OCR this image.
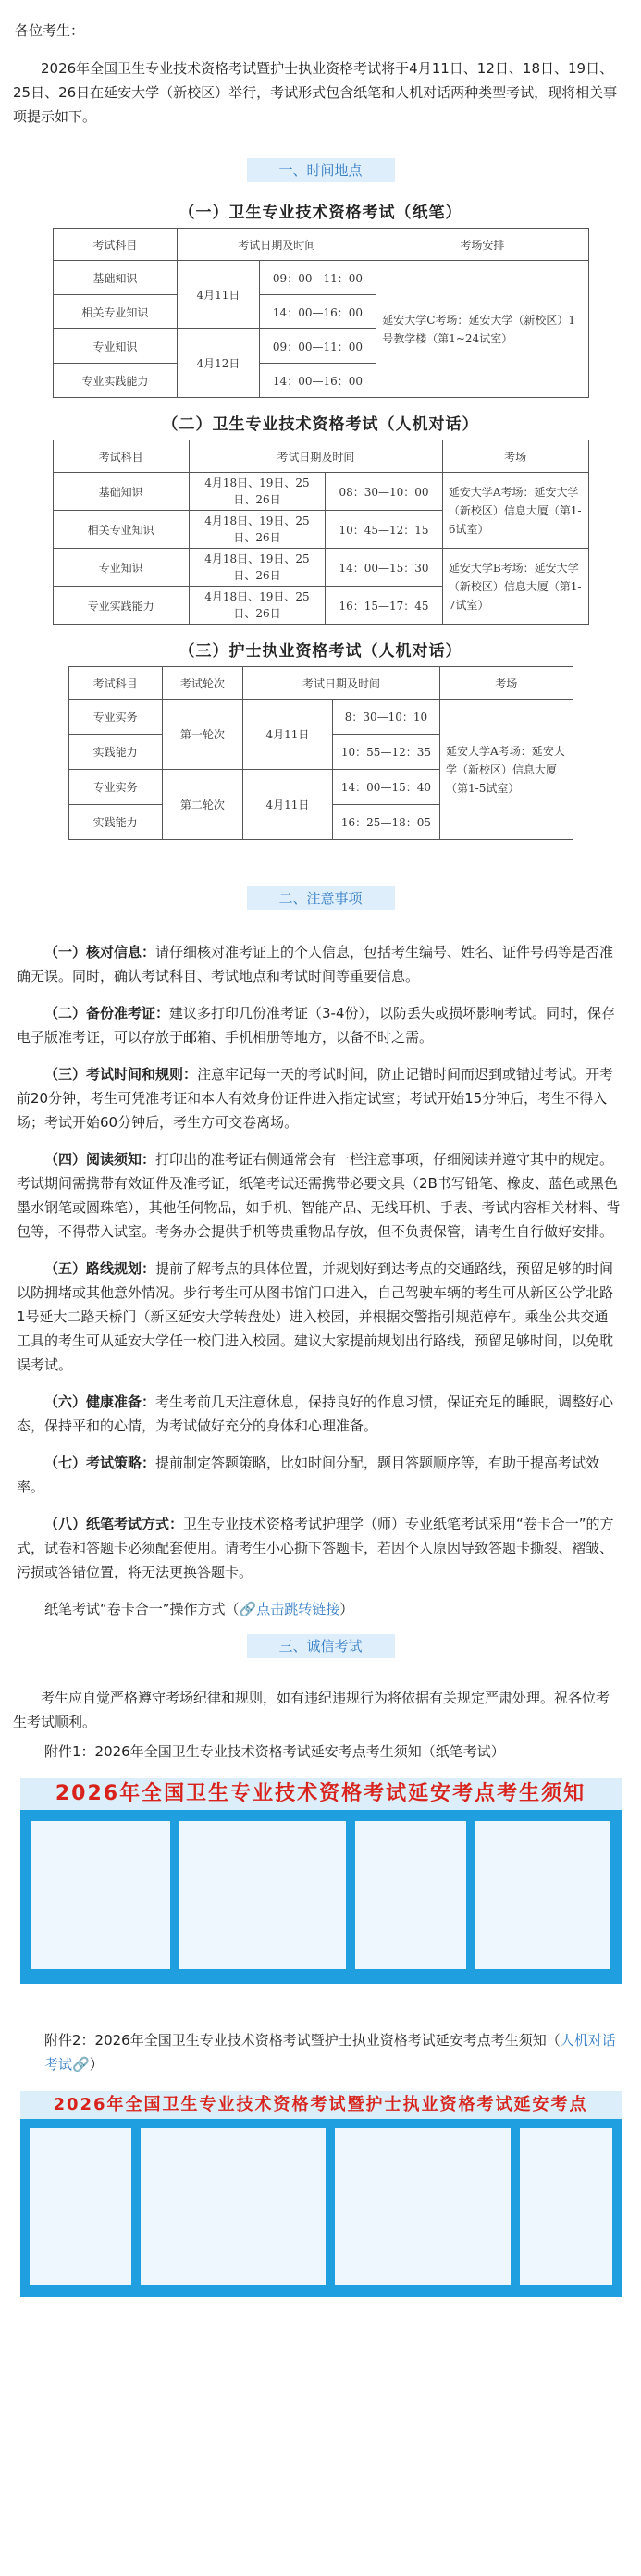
各位考生：

2026年全国卫生专业技术资格考试暨护士执业资格考试将于4月11日、12日、18日、19日、25日、26日在延安大学（新校区）举行，考试形式包含纸笔和人机对话两种类型考试，现将相关事项提示如下。

一、时间地点
（一）卫生专业技术资格考试（纸笔）
考试科目	考试日期及时间		考场安排
基础知识	4月11日	09：00—11：00	延安大学C考场：延安大学（新校区）1号教学楼（第1~24试室）
相关专业知识		14：00—16：00	
专业知识	4月12日	09：00—11：00	
专业实践能力		14：00—16：00	
（二）卫生专业技术资格考试（人机对话）
考试科目	考试日期及时间		考场
基础知识	4月18日、19日、25日、26日	08：30—10：00	延安大学A考场：延安大学（新校区）信息大厦（第1-6试室）
相关专业知识	4月18日、19日、25日、26日	10：45—12：15	
专业知识	4月18日、19日、25日、26日	14：00—15：30	延安大学B考场：延安大学（新校区）信息大厦（第1-7试室）
专业实践能力	4月18日、19日、25日、26日	16：15—17：45	
（三）护士执业资格考试（人机对话）
考试科目	考试轮次	考试日期及时间		考场
专业实务	第一轮次	4月11日	8：30—10：10	延安大学A考场：延安大学（新校区）信息大厦（第1-5试室）
实践能力			10：55—12：35	
专业实务	第二轮次	4月11日	14：00—15：40	
实践能力			16：25—18：05	
二、注意事项

（一）核对信息：请仔细核对准考证上的个人信息，包括考生编号、姓名、证件号码等是否准确无误。同时，确认考试科目、考试地点和考试时间等重要信息。

（二）备份准考证：建议多打印几份准考证（3-4份），以防丢失或损坏影响考试。同时，保存电子版准考证，可以存放于邮箱、手机相册等地方，以备不时之需。

（三）考试时间和规则：注意牢记每一天的考试时间，防止记错时间而迟到或错过考试。开考前20分钟，考生可凭准考证和本人有效身份证件进入指定试室；考试开始15分钟后，考生不得入场；考试开始60分钟后，考生方可交卷离场。

（四）阅读须知：打印出的准考证右侧通常会有一栏注意事项，仔细阅读并遵守其中的规定。考试期间需携带有效证件及准考证，纸笔考试还需携带必要文具（2B书写铅笔、橡皮、蓝色或黑色墨水钢笔或圆珠笔），其他任何物品，如手机、智能产品、无线耳机、手表、考试内容相关材料、背包等，不得带入试室。考务办会提供手机等贵重物品存放，但不负责保管，请考生自行做好安排。

（五）路线规划：提前了解考点的具体位置，并规划好到达考点的交通路线，预留足够的时间以防拥堵或其他意外情况。步行考生可从图书馆门口进入，自己驾驶车辆的考生可从新区公学北路1号延大二路天桥门（新区延安大学转盘处）进入校园，并根据交警指引规范停车。乘坐公共交通工具的考生可从延安大学任一校门进入校园。建议大家提前规划出行路线，预留足够时间，以免耽误考试。

（六）健康准备：考生考前几天注意休息，保持良好的作息习惯，保证充足的睡眠，调整好心态，保持平和的心情，为考试做好充分的身体和心理准备。

（七）考试策略：提前制定答题策略，比如时间分配，题目答题顺序等，有助于提高考试效率。

（八）纸笔考试方式：卫生专业技术资格考试护理学（师）专业纸笔考试采用“卷卡合一”的方式，试卷和答题卡必须配套使用。请考生小心撕下答题卡，若因个人原因导致答题卡撕裂、褶皱、污损或答错位置，将无法更换答题卡。

纸笔考试“卷卡合一”操作方式（🔗点击跳转链接）

三、诚信考试

考生应自觉严格遵守考场纪律和规则，如有违纪违规行为将依据有关规定严肃处理。祝各位考生考试顺利。

附件1：2026年全国卫生专业技术资格考试延安考点考生须知（纸笔考试）
2026年全国卫生专业技术资格考试延安考点考生须知
附件2：2026年全国卫生专业技术资格考试暨护士执业资格考试延安考点考生须知（人机对话考试🔗）
2026年全国卫生专业技术资格考试暨护士执业资格考试延安考点
